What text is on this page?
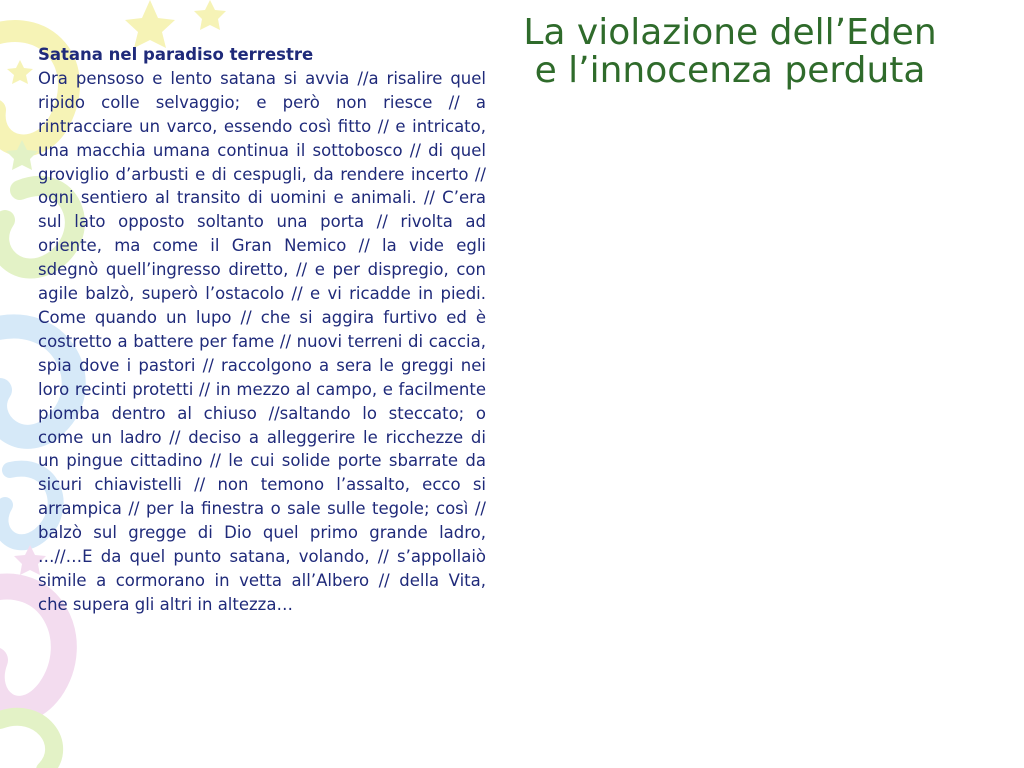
La violazione dell’Eden
e l’innocenza perduta

Satana nel paradiso terrestre

Ora pensoso e lento satana si avvia //a risalire quel ripido colle selvaggio; e però non riesce // a rintracciare un varco, essendo così fitto // e intricato, una macchia umana continua il sottobosco // di quel groviglio d’arbusti e di cespugli, da rendere incerto // ogni sentiero al transito di uomini e animali. // C’era sul lato opposto soltanto una porta // rivolta ad oriente, ma come il Gran Nemico // la vide egli sdegnò quell’ingresso diretto, // e per dispregio, con agile balzò, superò l’ostacolo // e vi ricadde in piedi. Come quando un lupo // che si aggira furtivo ed è costretto a battere per fame // nuovi terreni di caccia, spia dove i pastori // raccolgono a sera le greggi nei loro recinti protetti // in mezzo al campo, e facilmente piomba dentro al chiuso //saltando lo steccato; o come un ladro // deciso a alleggerire le ricchezze di un pingue cittadino // le cui solide porte sbarrate da sicuri chiavistelli // non temono l’assalto, ecco si arrampica // per la finestra o sale sulle tegole; così // balzò sul gregge di Dio quel primo grande ladro, …//…E da quel punto satana, volando, // s’appollaiò simile a cormorano in vetta all’Albero // della Vita, che supera gli altri in altezza…
